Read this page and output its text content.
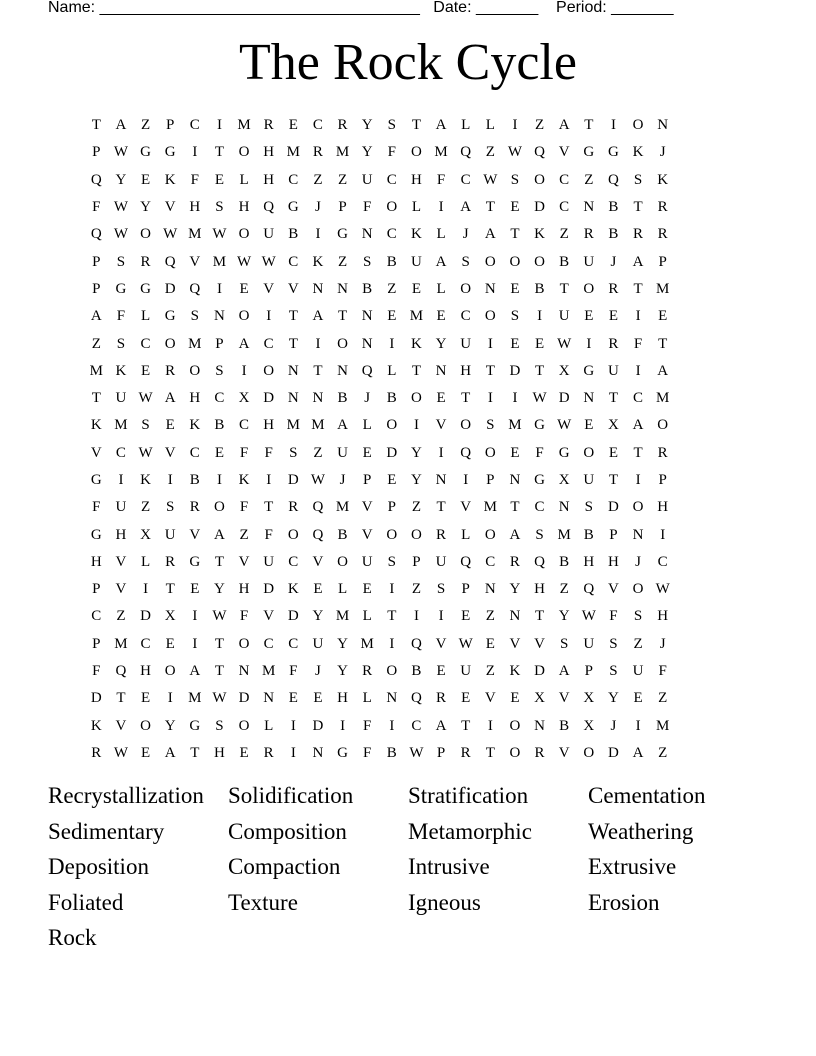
Name: ____________________________________ Date: _______ Period: _______
The Rock Cycle
T A Z	P	C	I	M R	E	C R Y	S	T A L	L	I	Z A T	I	O N
P W G G	I	T O H M R M Y	F	O M Q Z W Q V G G K	J
Q Y E K	F	E	L H C	Z	Z U C H	F	C W S	O C	Z Q	S	K
F W Y V H	S	H Q G	J	P	F	O L	I	A T	E D C N B	T	R
Q W O W M W O U B	I	G N C K L	J	A T K Z	R B R R
P	S	R Q V M W W C K Z	S	B U A	S	O O O B U	J	A	P
P	G G D Q	I	E V V N N B	Z	E	L O N E	B	T O R	T M
A	F	L G	S	N O	I	T A T N E M E	C O	S	I	U E	E	I	E
Z	S	C O M P	A C	T	I	O N	I	K Y U	I	E	E W	I	R	F	T
M K E	R O	S	I	O N T N Q L	T N H T D T X G U	I	A
T U W A H C X D N N B	J	B O E	T	I	I	W D N T	C M
K M S	E K B C H M M A L O	I	V O	S M G W E X A O
V C W V C	E	F	F	S	Z U E D Y	I	Q O E	F	G O E	T	R
G	I	K	I	B	I	K	I	D W J	P	E Y N	I	P	N G X U T	I	P
F	U Z	S	R O	F	T	R Q M V	P	Z	T V M T	C N	S	D O H
G H X U V A Z	F	O Q B V O O R	L O A	S M B	P	N	I
H V L	R G T V U C V O U	S	P	U Q C R Q B H H	J	C
P	V	I	T	E Y H D K E	L	E	I	Z	S	P	N Y H Z Q V O W
C	Z D X	I	W F	V D Y M L	T	I	I	E	Z N T Y W F	S	H
P M C	E	I	T O C C U Y M	I	Q V W E V V	S	U	S	Z	J
F	Q H O A T N M F	J	Y R O B	E U Z K D A	P	S	U	F
D T	E	I	M W D N E	E H L N Q R	E V E X V X Y E	Z
K V O Y G	S	O L	I	D	I	F	I	C A T	I	O N B X	J	I	M
R W E A T H E	R	I	N G	F	B W P	R	T O R V O D A Z
Recrystallization	Solidification	Stratification	Cementation
Sedimentary	Composition	Metamorphic	Weathering
Deposition	Compaction	Intrusive	Extrusive
Foliated	Texture	Igneous	Erosion
Rock
